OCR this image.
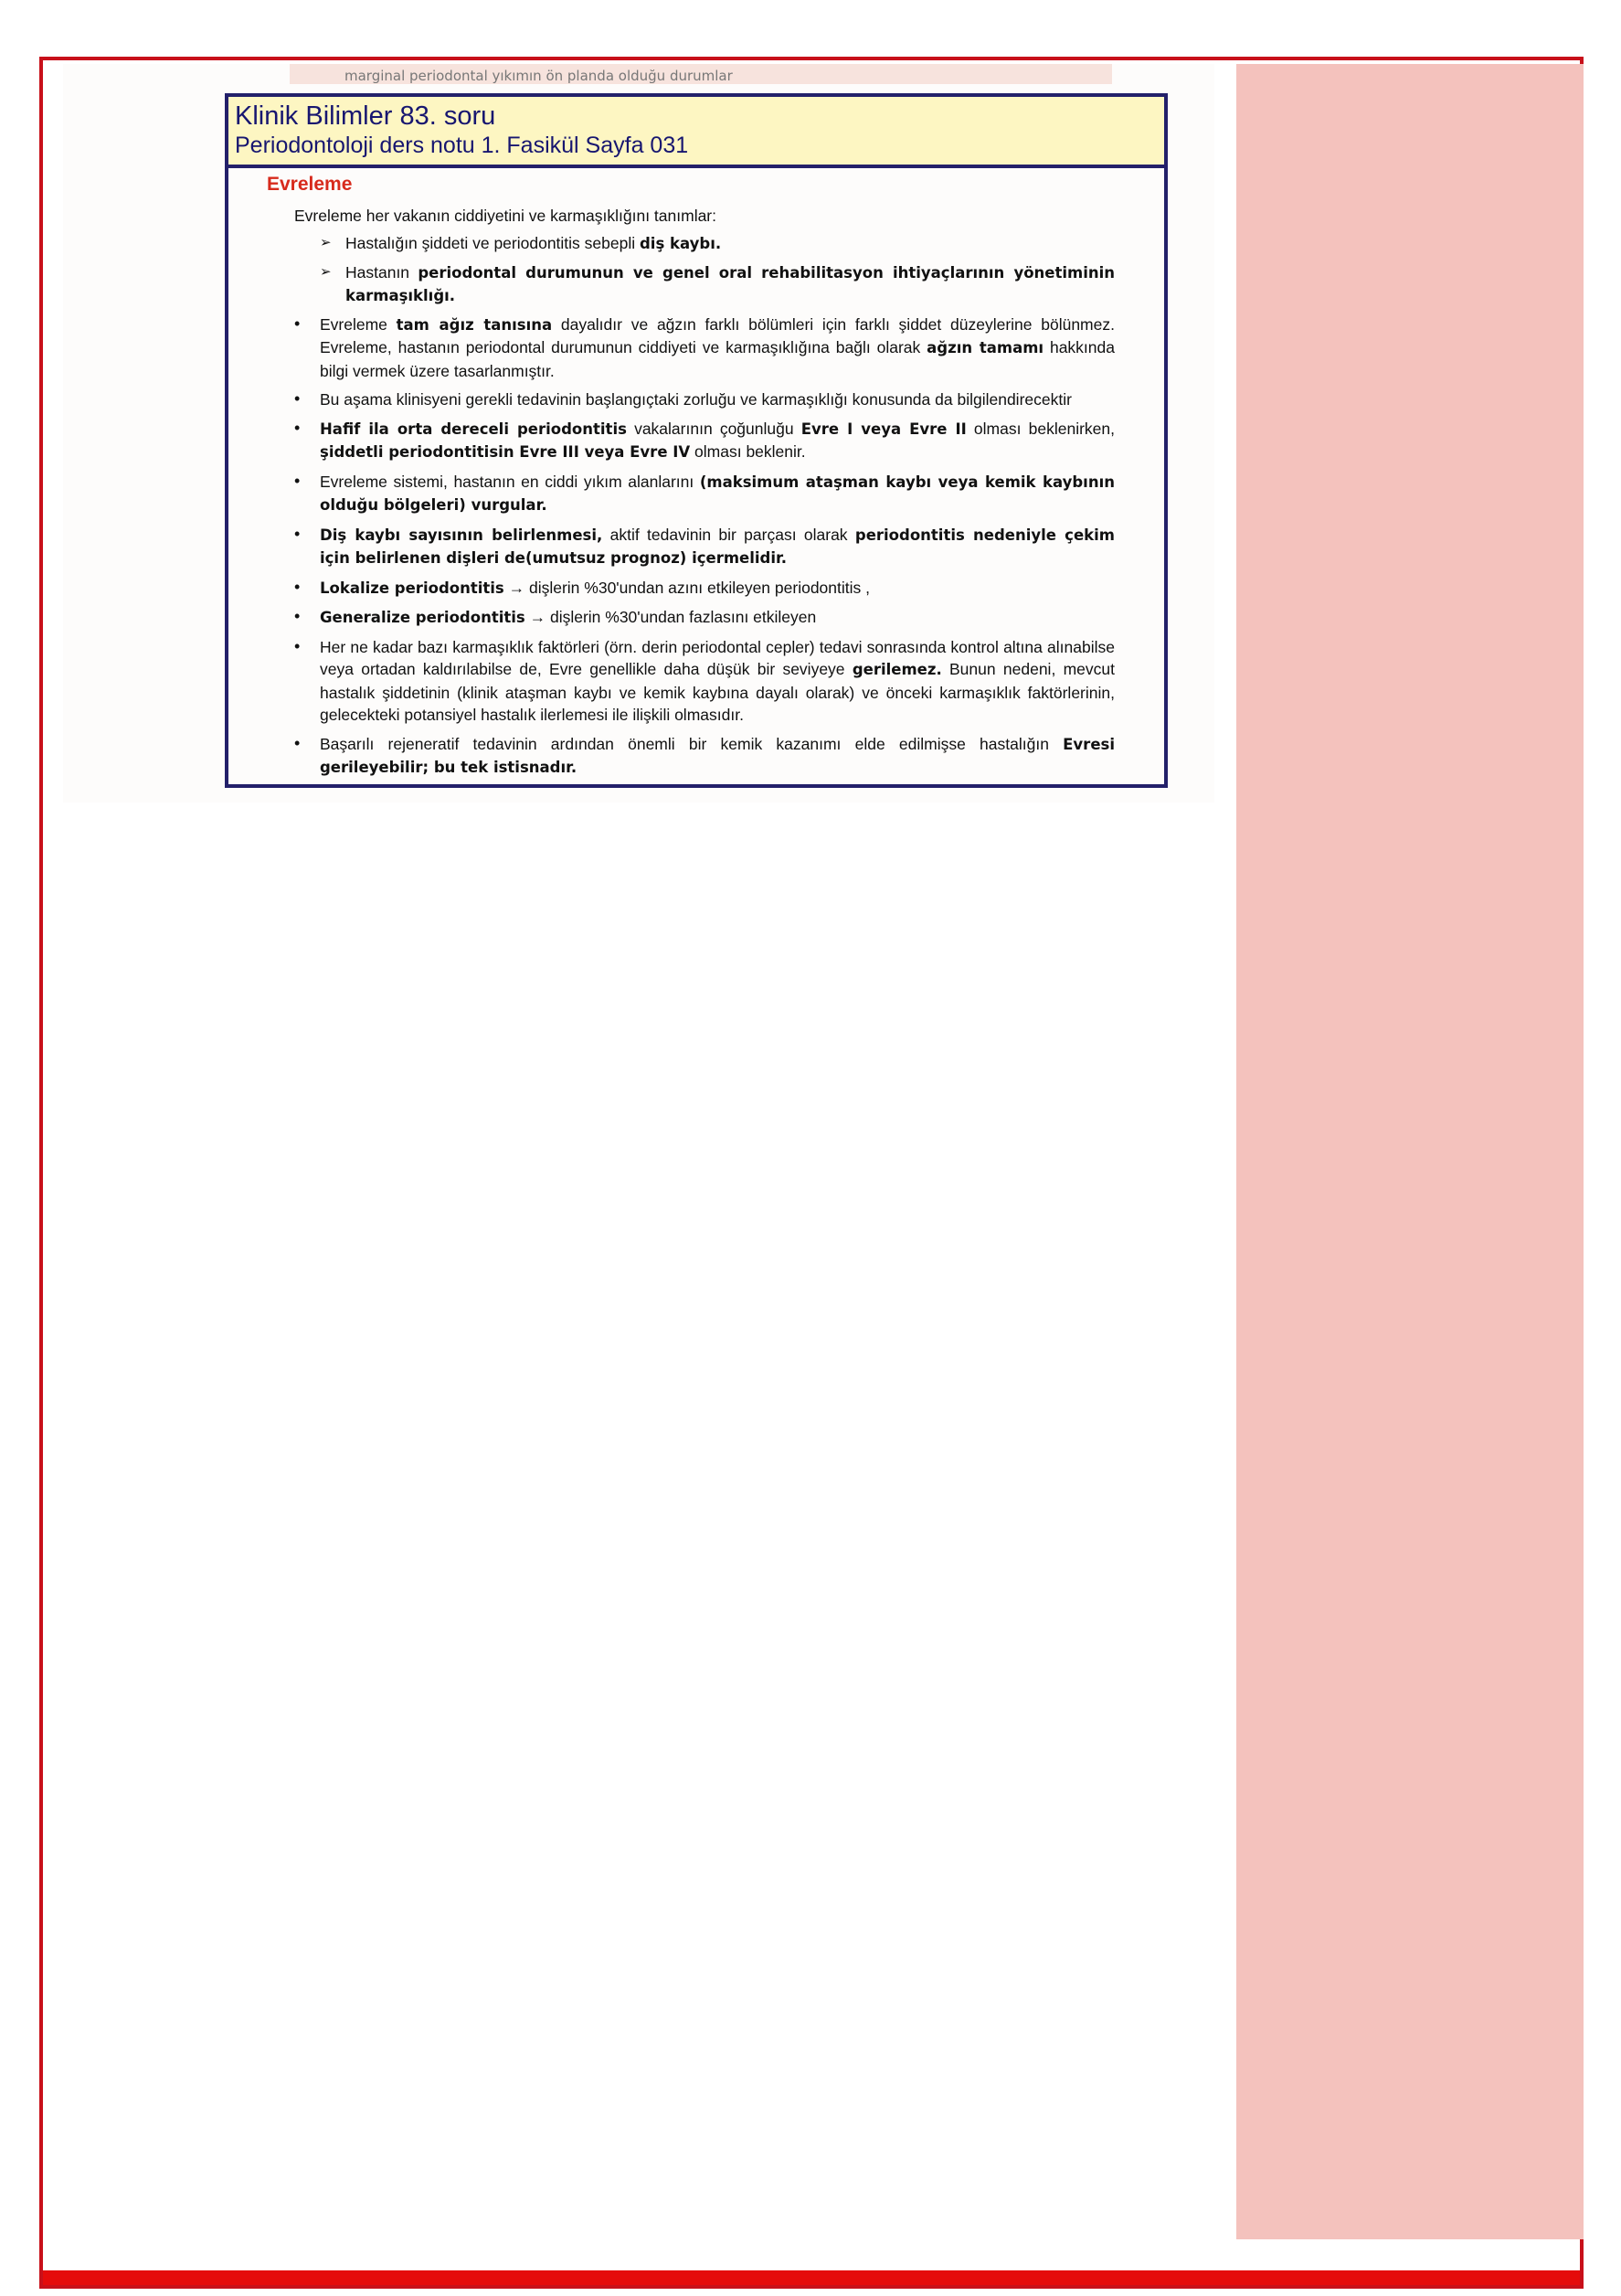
marginal periodontal yıkımın ön planda olduğu durumlar
Klinik Bilimler 83. soru
Periodontoloji ders notu 1. Fasikül Sayfa 031
Evreleme
Evreleme her vakanın ciddiyetini ve karmaşıklığını tanımlar:
➢ Hastalığın şiddeti ve periodontitis sebepli diş kaybı.
➢ Hastanın periodontal durumunun ve genel oral rehabilitasyon ihtiyaçlarının yönetiminin karmaşıklığı.
• Evreleme tam ağız tanısına dayalıdır ve ağzın farklı bölümleri için farklı şiddet düzeylerine bölünmez. Evreleme, hastanın periodontal durumunun ciddiyeti ve karmaşıklığına bağlı olarak ağzın tamamı hakkında bilgi vermek üzere tasarlanmıştır.
• Bu aşama klinisyeni gerekli tedavinin başlangıçtaki zorluğu ve karmaşıklığı konusunda da bilgilendirecektir
• Hafif ila orta dereceli periodontitis vakalarının çoğunluğu Evre I veya Evre II olması beklenirken, şiddetli periodontitisin Evre III veya Evre IV olması beklenir.
• Evreleme sistemi, hastanın en ciddi yıkım alanlarını (maksimum ataşman kaybı veya kemik kaybının olduğu bölgeleri) vurgular.
• Diş kaybı sayısının belirlenmesi, aktif tedavinin bir parçası olarak periodontitis nedeniyle çekim için belirlenen dişleri de(umutsuz prognoz) içermelidir.
• Lokalize periodontitis → dişlerin %30'undan azını etkileyen periodontitis ,
• Generalize periodontitis → dişlerin %30'undan fazlasını etkileyen
• Her ne kadar bazı karmaşıklık faktörleri (örn. derin periodontal cepler) tedavi sonrasında kontrol altına alınabilse veya ortadan kaldırılabilse de, Evre genellikle daha düşük bir seviyeye gerilemez. Bunun nedeni, mevcut hastalık şiddetinin (klinik ataşman kaybı ve kemik kaybına dayalı olarak) ve önceki karmaşıklık faktörlerinin, gelecekteki potansiyel hastalık ilerlemesi ile ilişkili olmasıdır.
• Başarılı rejeneratif tedavinin ardından önemli bir kemik kazanımı elde edilmişse hastalığın Evresi gerileyebilir; bu tek istisnadır.
